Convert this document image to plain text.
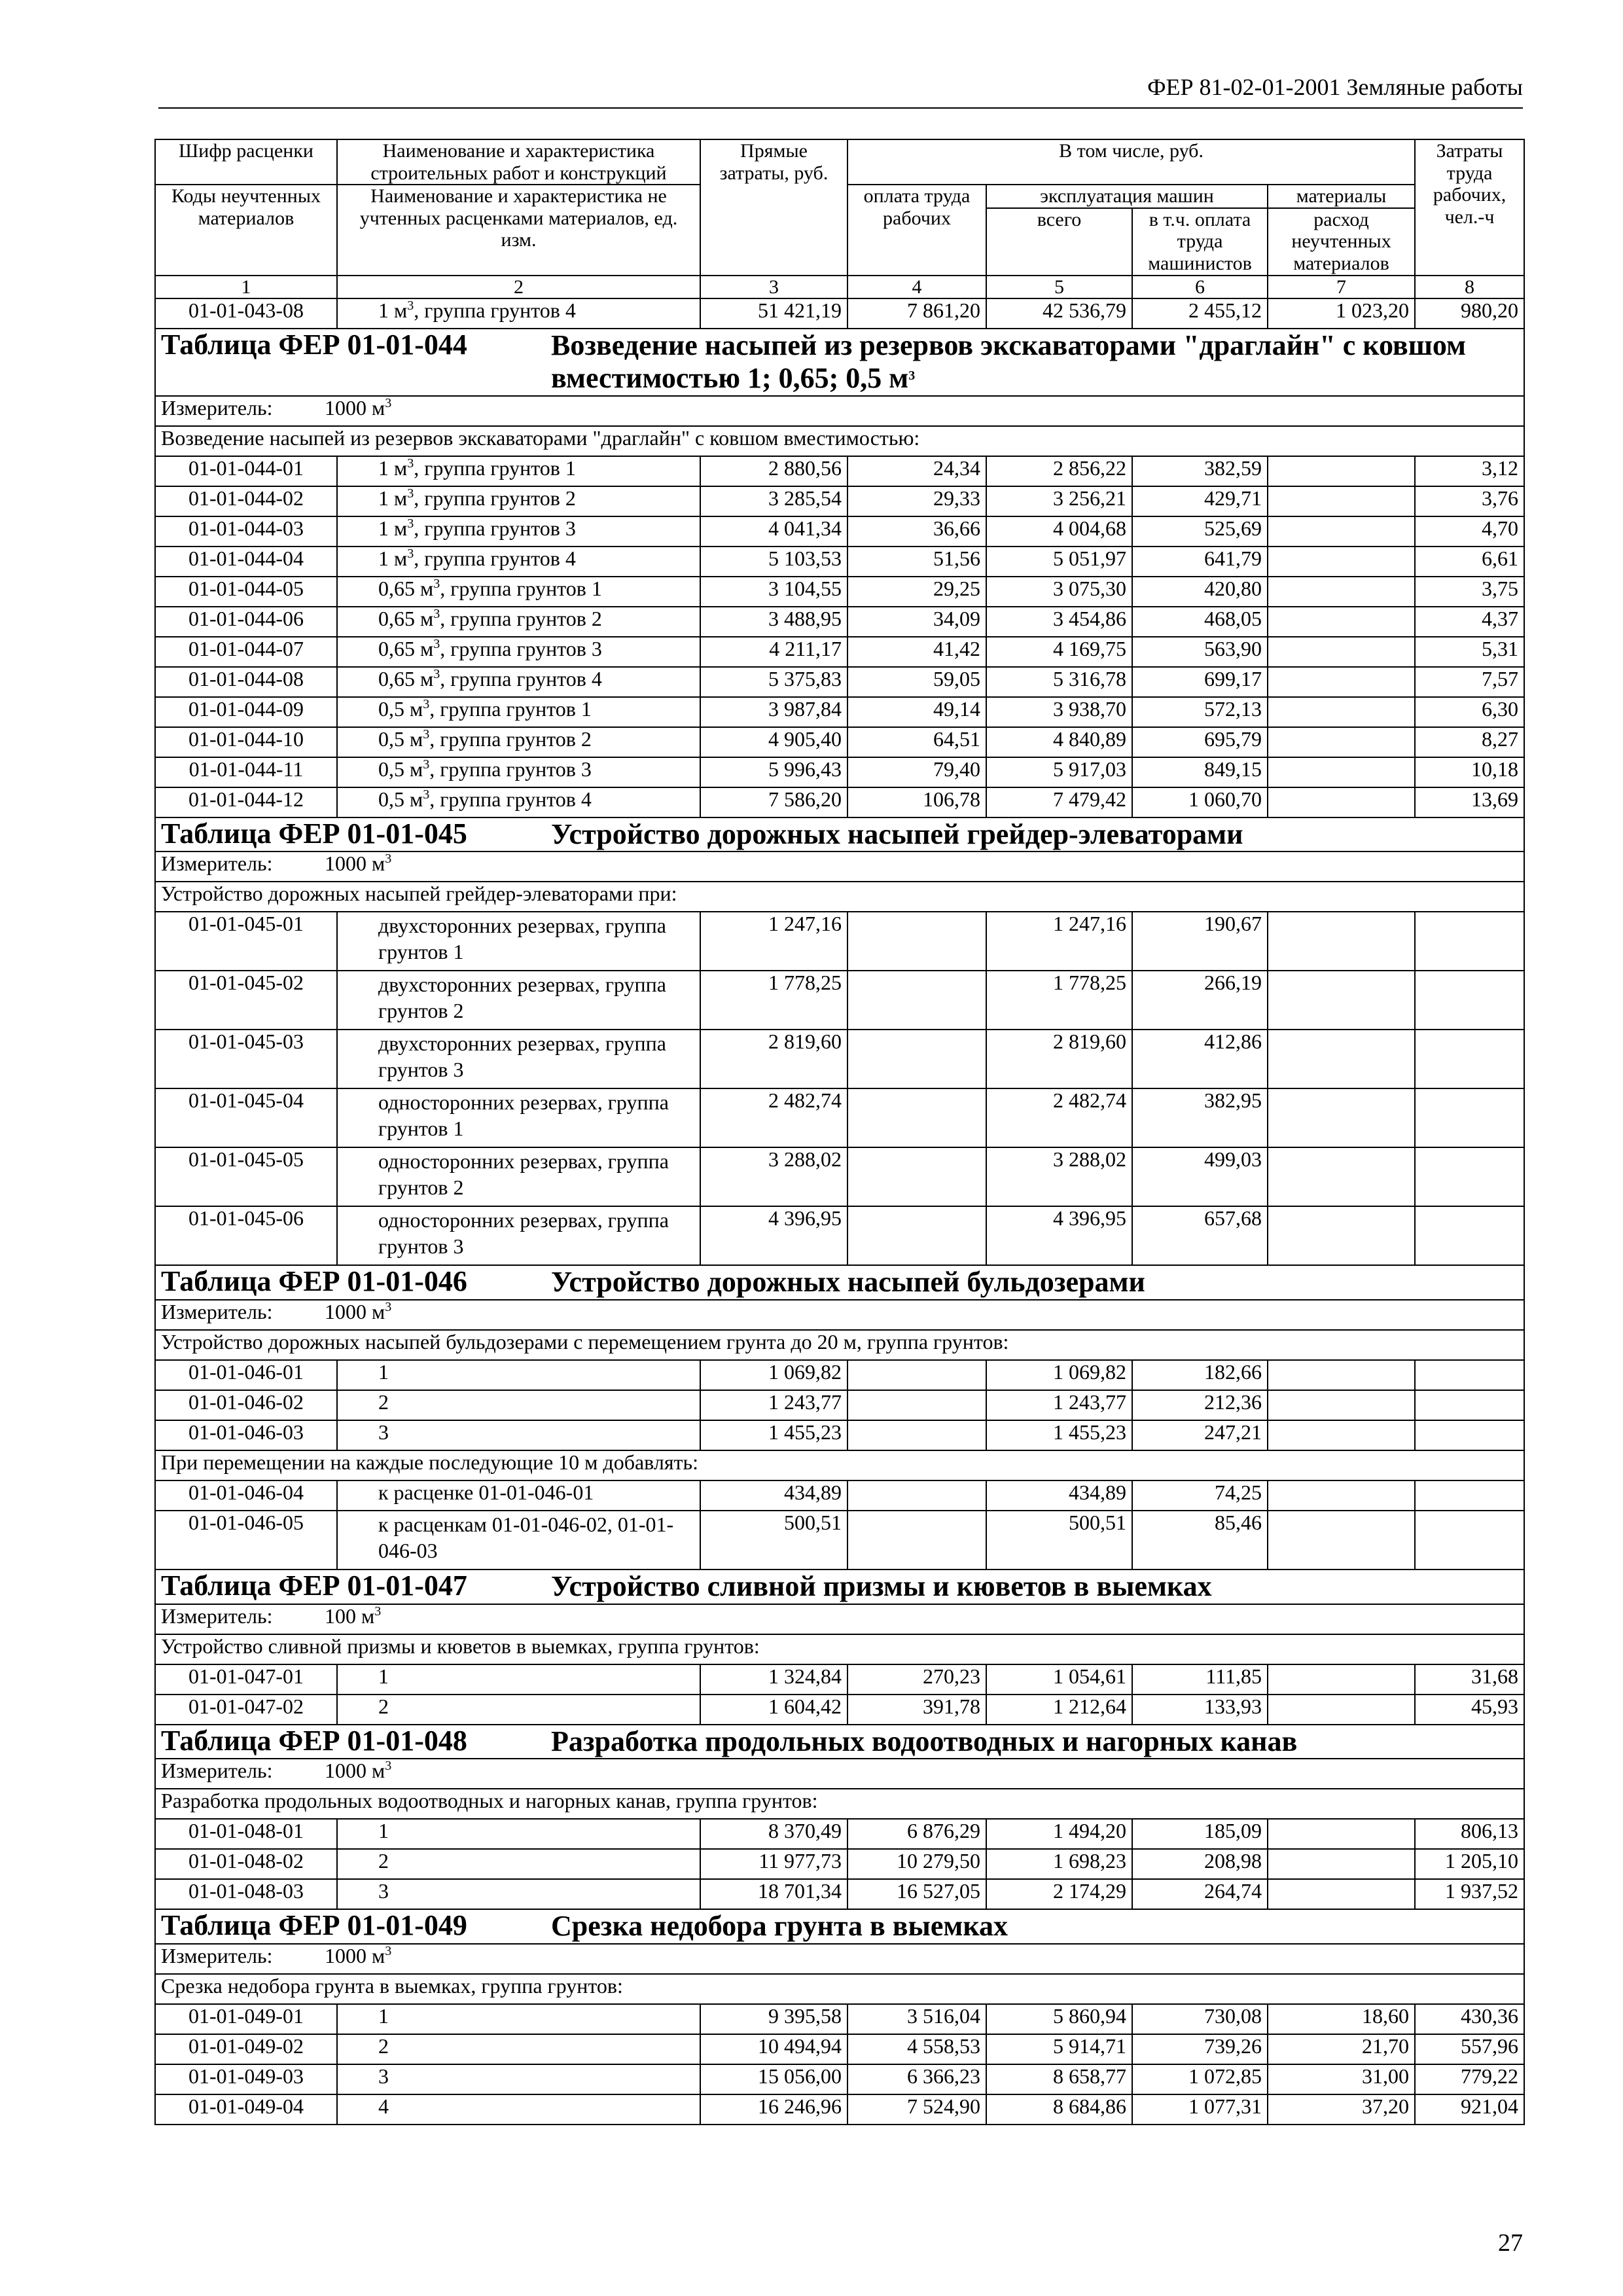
ФЕР 81-02-01-2001 Земляные работы
Шифр расценки	Наименование и характеристика строительных работ и конструкций	Прямые затраты, руб.	В том числе, руб.				Затраты труда рабочих, чел.-ч
Коды неучтенных материалов	Наименование и характеристика не учтенных расценками материалов, ед. изм.		оплата труда рабочих	эксплуатация машин		материалы	
				всего	в т.ч. оплата труда машинистов	расход неучтенных материалов	
1	2	3	4	5	6	7	8
01-01-043-08	1 $м^3$, группа грунтов 4	51 421,19	7 861,20	42 536,79	2 455,12	1 023,20	980,20
Таблица ФЕР 01-01-044 Возведение насыпей из резервов экскаваторами "драглайн" с ковшом вместимостью 1; 0,65; 0,5 $м^3$
Измеритель: 1000 $м^3$
Возведение насыпей из резервов экскаваторами "драглайн" с ковшом вместимостью:							
01-01-044-01	1 $м^3$, группа грунтов 1	2 880,56	24,34	2 856,22	382,59		3,12
01-01-044-02	1 $м^3$, группа грунтов 2	3 285,54	29,33	3 256,21	429,71		3,76
01-01-044-03	1 $м^3$, группа грунтов 3	4 041,34	36,66	4 004,68	525,69		4,70
01-01-044-04	1 $м^3$, группа грунтов 4	5 103,53	51,56	5 051,97	641,79		6,61
01-01-044-05	0,65 $м^3$, группа грунтов 1	3 104,55	29,25	3 075,30	420,80		3,75
01-01-044-06	0,65 $м^3$, группа грунтов 2	3 488,95	34,09	3 454,86	468,05		4,37
01-01-044-07	0,65 $м^3$, группа грунтов 3	4 211,17	41,42	4 169,75	563,90		5,31
01-01-044-08	0,65 $м^3$, группа грунтов 4	5 375,83	59,05	5 316,78	699,17		7,57
01-01-044-09	0,5 $м^3$, группа грунтов 1	3 987,84	49,14	3 938,70	572,13		6,30
01-01-044-10	0,5 $м^3$, группа грунтов 2	4 905,40	64,51	4 840,89	695,79		8,27
01-01-044-11	0,5 $м^3$, группа грунтов 3	5 996,43	79,40	5 917,03	849,15		10,18
01-01-044-12	0,5 $м^3$, группа грунтов 4	7 586,20	106,78	7 479,42	1 060,70		13,69
Таблица ФЕР 01-01-045 Устройство дорожных насыпей грейдер-элеваторами							
Измеритель: 1000 $м^3$
Устройство дорожных насыпей грейдер-элеваторами при:							
01-01-045-01	двухсторонних резервах, группа грунтов 1	1 247,16		1 247,16	190,67		
01-01-045-02	двухсторонних резервах, группа грунтов 2	1 778,25		1 778,25	266,19		
01-01-045-03	двухсторонних резервах, группа грунтов 3	2 819,60		2 819,60	412,86		
01-01-045-04	односторонних резервах, группа грунтов 1	2 482,74		2 482,74	382,95		
01-01-045-05	односторонних резервах, группа грунтов 2	3 288,02		3 288,02	499,03		
01-01-045-06	односторонних резервах, группа грунтов 3	4 396,95		4 396,95	657,68		
Таблица ФЕР 01-01-046 Устройство дорожных насыпей бульдозерами							
Измеритель: 1000 $м^3$
Устройство дорожных насыпей бульдозерами с перемещением грунта до 20 м, группа грунтов:							
01-01-046-01	1	1 069,82		1 069,82	182,66		
01-01-046-02	2	1 243,77		1 243,77	212,36		
01-01-046-03	3	1 455,23		1 455,23	247,21		
При перемещении на каждые последующие 10 м добавлять:							
01-01-046-04	к расценке 01-01-046-01	434,89		434,89	74,25		
01-01-046-05	к расценкам 01-01-046-02, 01-01-046-03	500,51		500,51	85,46		
Таблица ФЕР 01-01-047 Устройство сливной призмы и кюветов в выемках							
Измеритель: 100 $м^3$
Устройство сливной призмы и кюветов в выемках, группа грунтов:							
01-01-047-01	1	1 324,84	270,23	1 054,61	111,85		31,68
01-01-047-02	2	1 604,42	391,78	1 212,64	133,93		45,93
Таблица ФЕР 01-01-048 Разработка продольных водоотводных и нагорных канав							
Измеритель: 1000 $м^3$
Разработка продольных водоотводных и нагорных канав, группа грунтов:							
01-01-048-01	1	8 370,49	6 876,29	1 494,20	185,09		806,13
01-01-048-02	2	11 977,73	10 279,50	1 698,23	208,98		1 205,10
01-01-048-03	3	18 701,34	16 527,05	2 174,29	264,74		1 937,52
Таблица ФЕР 01-01-049 Срезка недобора грунта в выемках							
Измеритель: 1000 $м^3$
Срезка недобора грунта в выемках, группа грунтов:							
01-01-049-01	1	9 395,58	3 516,04	5 860,94	730,08	18,60	430,36
01-01-049-02	2	10 494,94	4 558,53	5 914,71	739,26	21,70	557,96
01-01-049-03	3	15 056,00	6 366,23	8 658,77	1 072,85	31,00	779,22
01-01-049-04	4	16 246,96	7 524,90	8 684,86	1 077,31	37,20	921,04
27
